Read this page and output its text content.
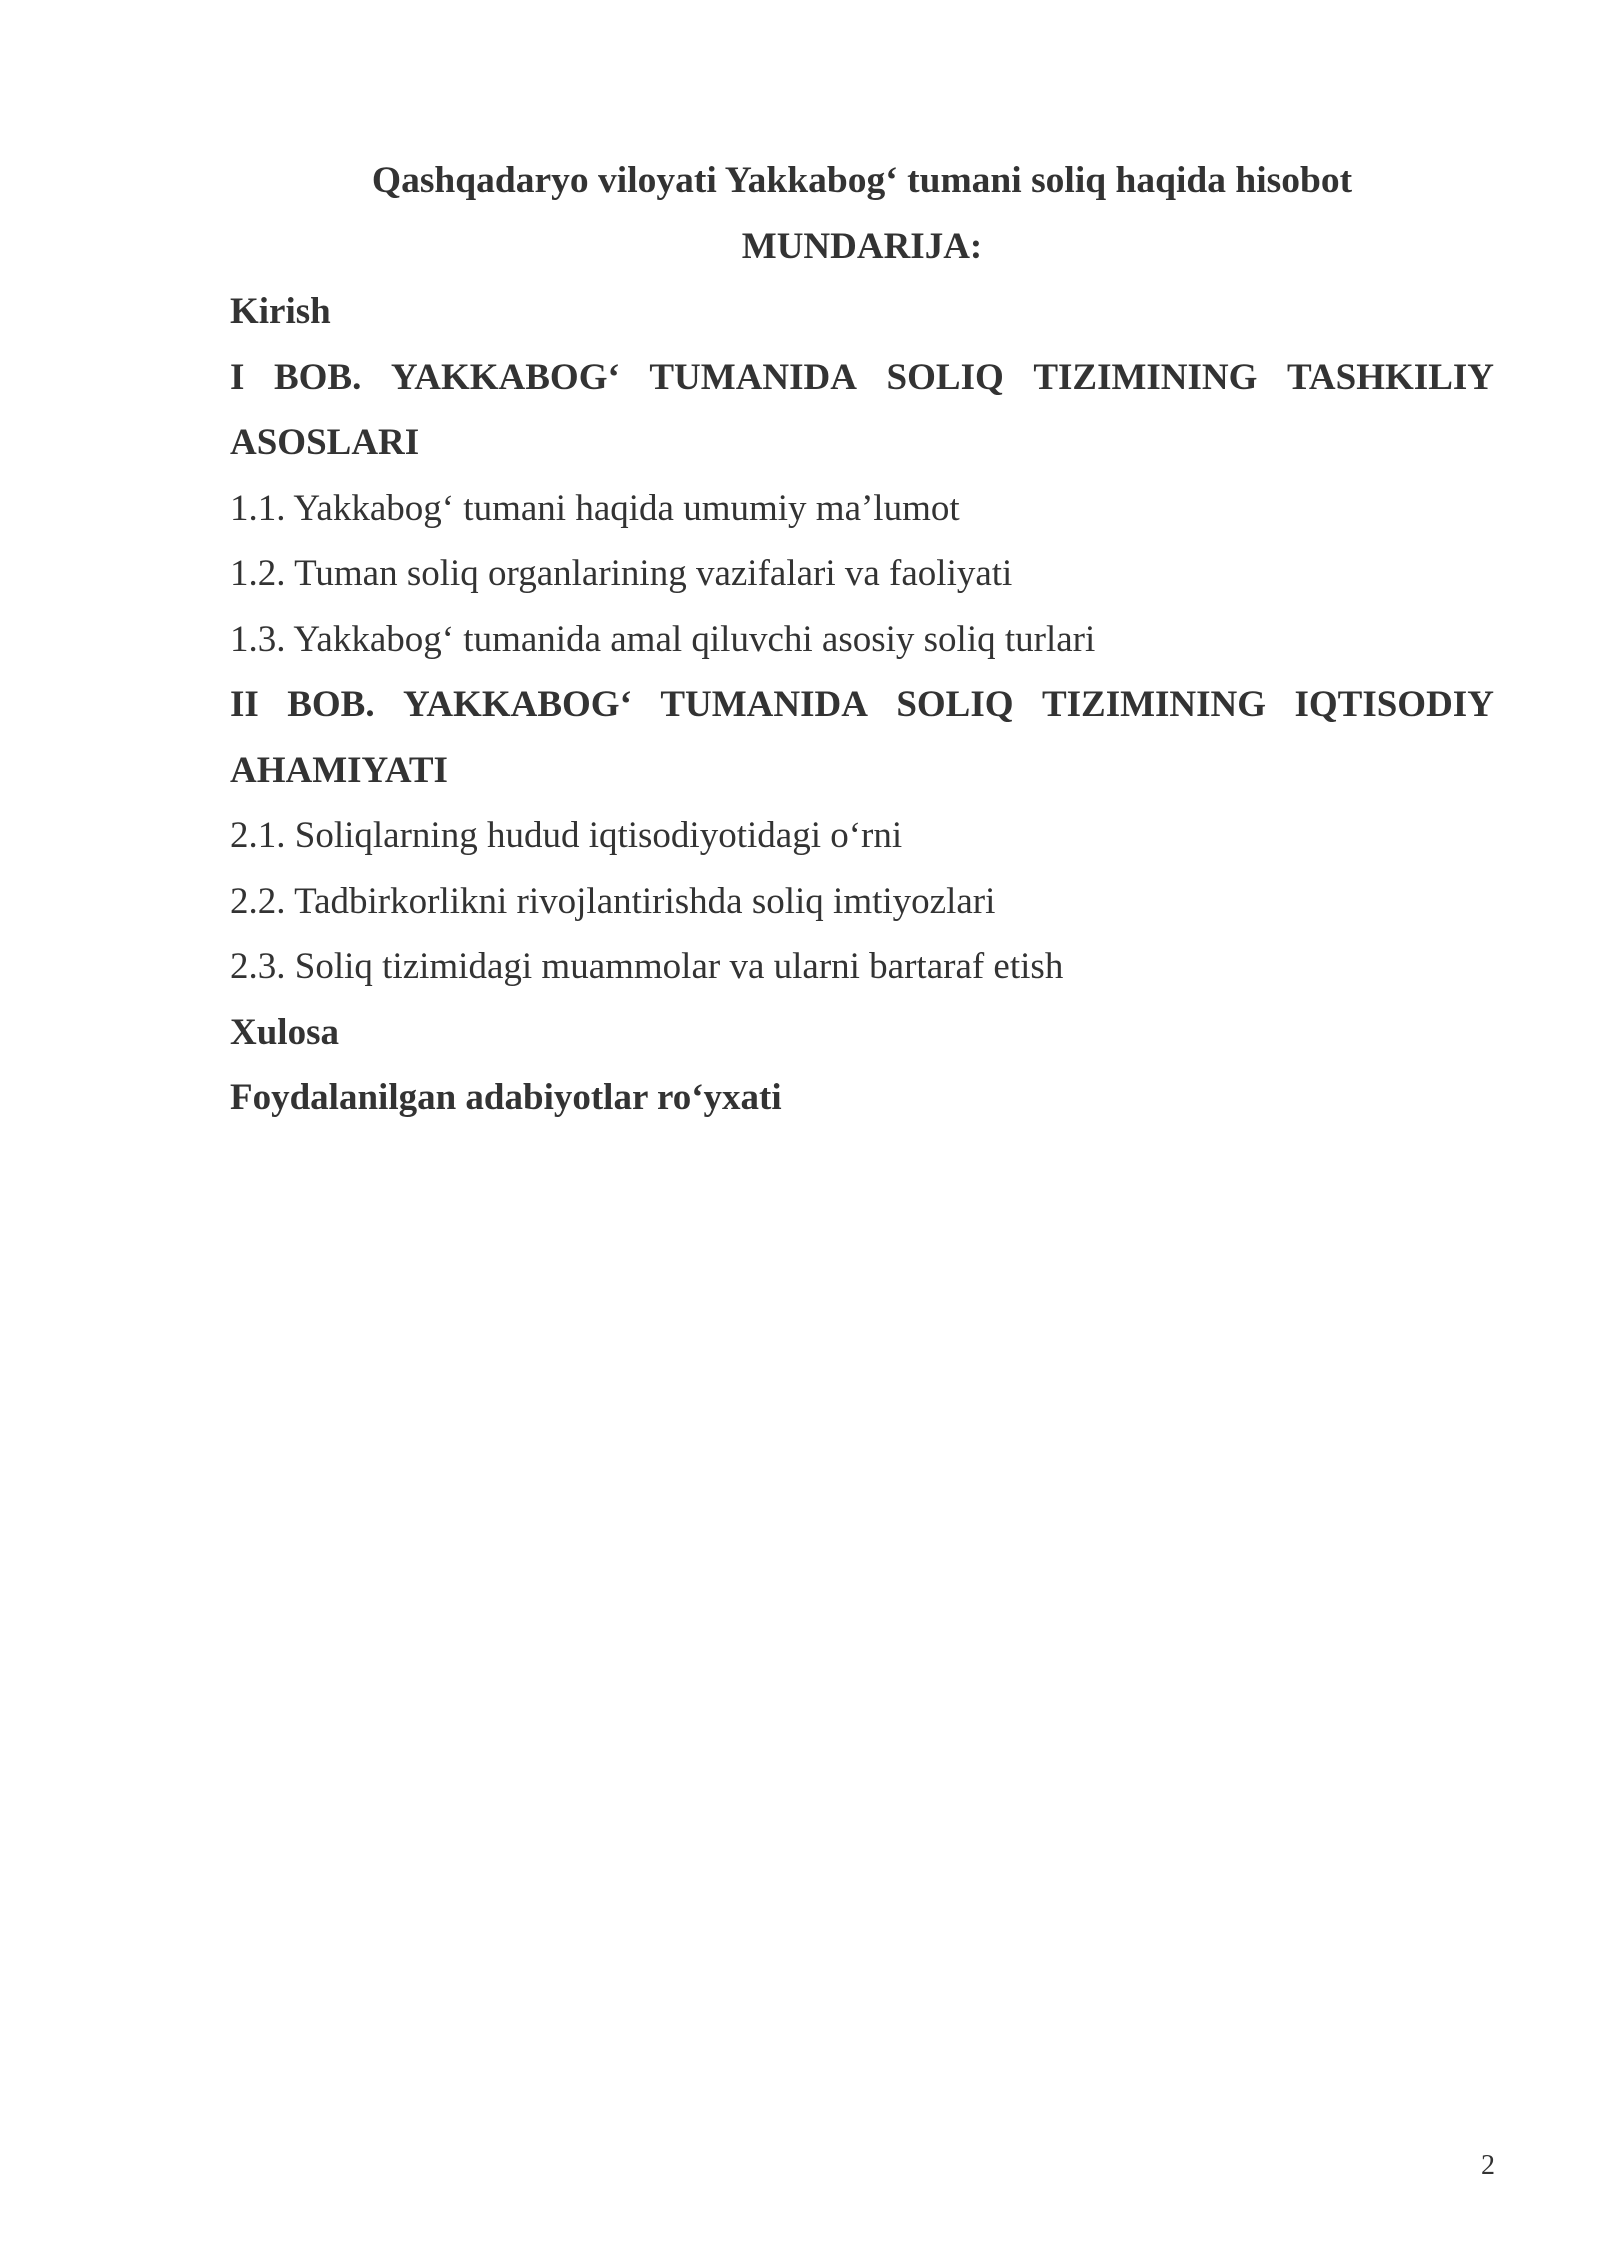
Qashqadaryo viloyati Yakkabog‘ tumani soliq haqida hisobot
MUNDARIJA:
Kirish
I BOB. YAKKABOG‘ TUMANIDA SOLIQ TIZIMINING TASHKILIY
ASOSLARI
1.1. Yakkabog‘ tumani haqida umumiy ma’lumot
1.2. Tuman soliq organlarining vazifalari va faoliyati
1.3. Yakkabog‘ tumanida amal qiluvchi asosiy soliq turlari
II BOB. YAKKABOG‘ TUMANIDA SOLIQ TIZIMINING IQTISODIY
AHAMIYATI
2.1. Soliqlarning hudud iqtisodiyotidagi o‘rni
2.2. Tadbirkorlikni rivojlantirishda soliq imtiyozlari
2.3. Soliq tizimidagi muammolar va ularni bartaraf etish
Xulosa
Foydalanilgan adabiyotlar ro‘yxati
2
